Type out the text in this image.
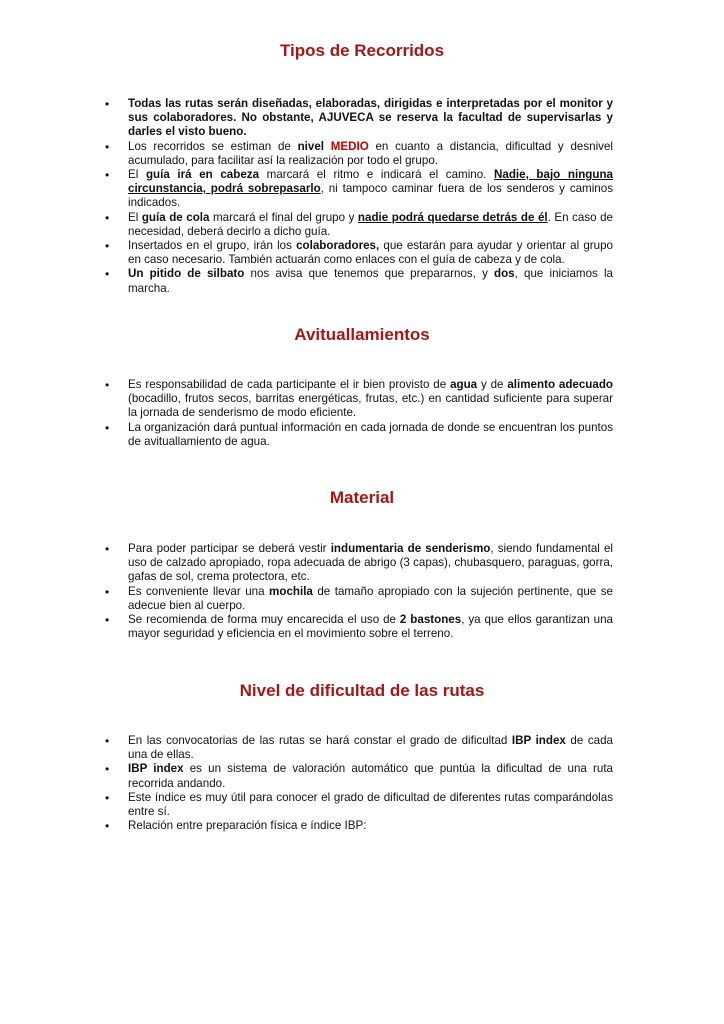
Tipos de Recorridos
• Todas las rutas serán diseñadas, elaboradas, dirigidas e interpretadas por el monitor y sus colaboradores. No obstante, AJUVECA se reserva la facultad de supervisarlas y darles el visto bueno.
• Los recorridos se estiman de nivel MEDIO en cuanto a distancia, dificultad y desnivel acumulado, para facilitar así la realización por todo el grupo.
• El guía irá en cabeza marcará el ritmo e indicará el camino. Nadie, bajo ninguna circunstancia, podrá sobrepasarlo, ni tampoco caminar fuera de los senderos y caminos indicados.
• El guía de cola marcará el final del grupo y nadie podrá quedarse detrás de él. En caso de necesidad, deberá decirlo a dicho guía.
• Insertados en el grupo, irán los colaboradores, que estarán para ayudar y orientar al grupo en caso necesario. También actuarán como enlaces con el guía de cabeza y de cola.
• Un pitido de silbato nos avisa que tenemos que prepararnos, y dos, que iniciamos la marcha.
Avituallamientos
• Es responsabilidad de cada participante el ir bien provisto de agua y de alimento adecuado (bocadillo, frutos secos, barritas energéticas, frutas, etc.) en cantidad suficiente para superar la jornada de senderismo de modo eficiente.
• La organización dará puntual información en cada jornada de donde se encuentran los puntos de avituallamiento de agua.
Material
• Para poder participar se deberá vestir indumentaria de senderismo, siendo fundamental el uso de calzado apropiado, ropa adecuada de abrigo (3 capas), chubasquero, paraguas, gorra, gafas de sol, crema protectora, etc.
• Es conveniente llevar una mochila de tamaño apropiado con la sujeción pertinente, que se adecue bien al cuerpo.
• Se recomienda de forma muy encarecida el uso de 2 bastones, ya que ellos garantizan una mayor seguridad y eficiencia en el movimiento sobre el terreno.
Nivel de dificultad de las rutas
• En las convocatorias de las rutas se hará constar el grado de dificultad IBP index de cada una de ellas.
• IBP index es un sistema de valoración automático que puntúa la dificultad de una ruta recorrida andando.
• Este índice es muy útil para conocer el grado de dificultad de diferentes rutas comparándolas entre sí.
• Relación entre preparación física e índice IBP:
